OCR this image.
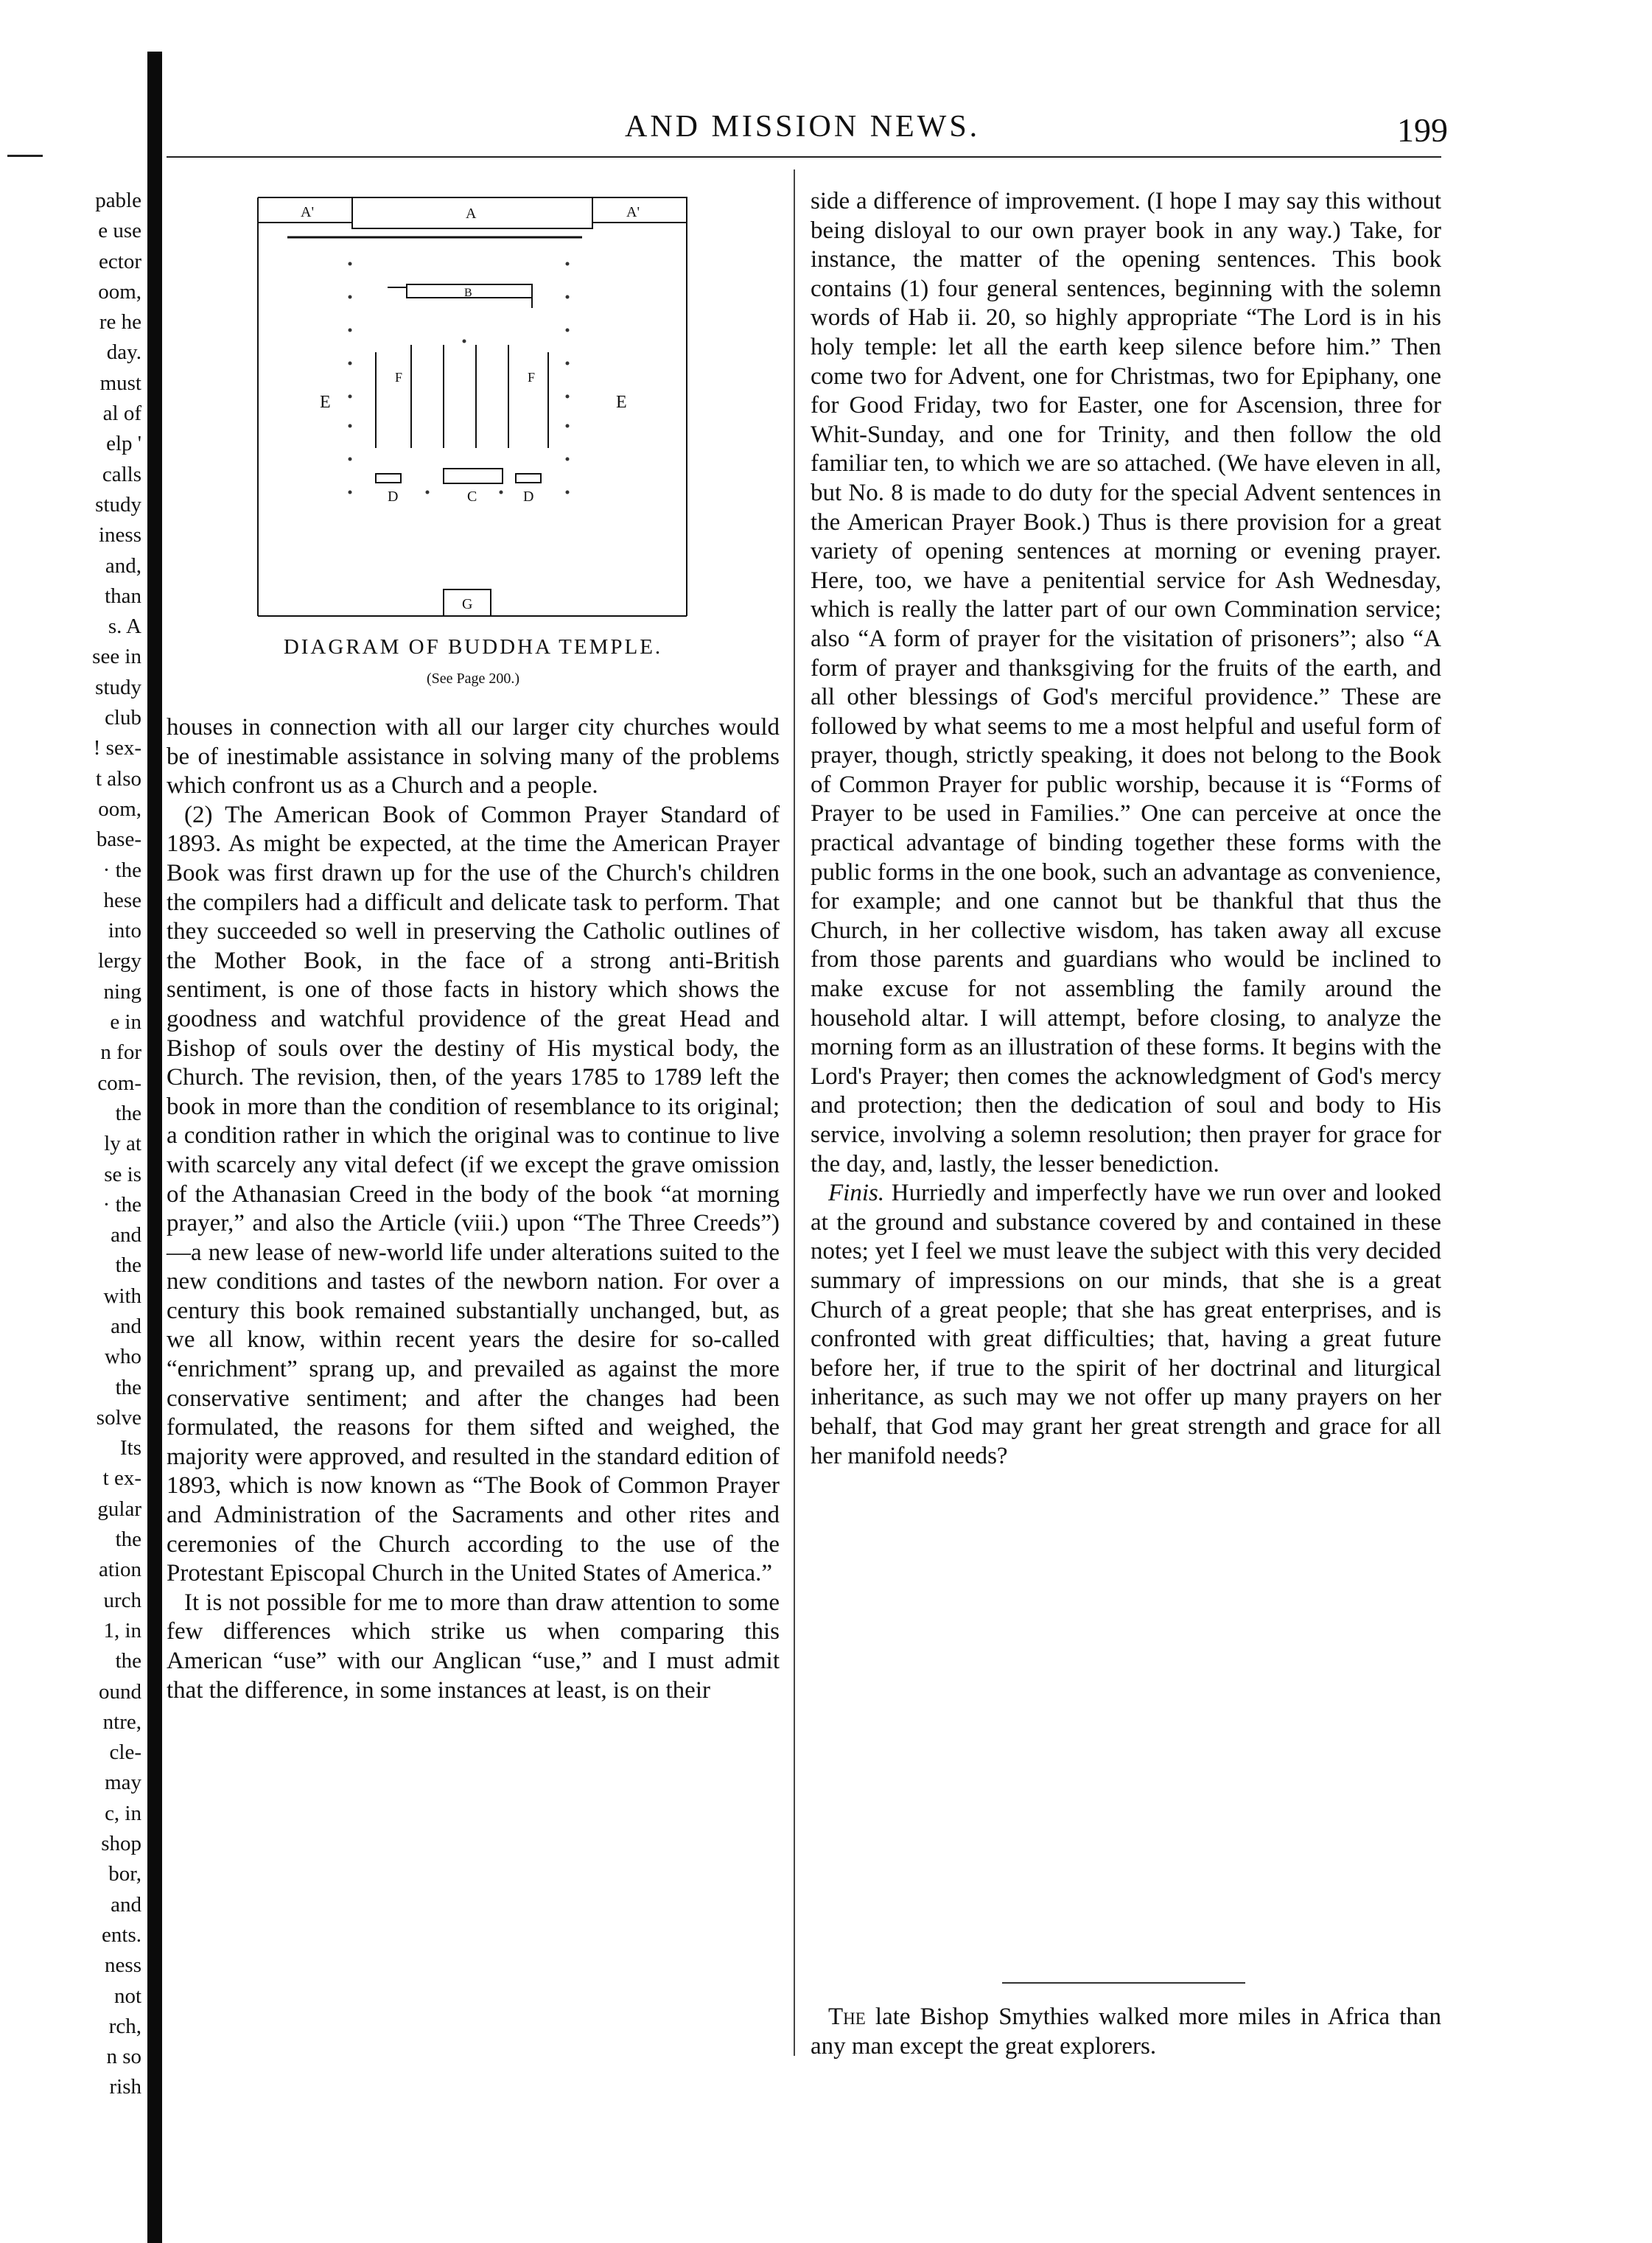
pable
e use
ector
oom,
re he
day.
must
al of
elp '
calls
study
iness
and,
than
s. A
see in
study
club
! sex-
t also
oom,
base-
· the
hese
into
lergy
ning
e in
n for
com-
the
ly at
se is
· the
and
the
with
and
who
the
solve
Its
t ex-
gular
the
ation
urch
1, in
the
ound
ntre,
cle-
may
c, in
shop
bor,
and
ents.
ness
not
rch,
n so
rish
AND MISSION NEWS.	199
A'	A	A'
B
E	E
F	F
D	C	D
G
DIAGRAM OF BUDDHA TEMPLE.
(See Page 200.)

houses in connection with all our larger city churches would be of inestimable assistance in solving many of the problems which confront us as a Church and a people.

(2) The American Book of Common Prayer Standard of 1893. As might be expected, at the time the American Prayer Book was first drawn up for the use of the Church's children the compilers had a difficult and delicate task to perform. That they succeeded so well in preserving the Catholic outlines of the Mother Book, in the face of a strong anti-British sentiment, is one of those facts in history which shows the goodness and watchful providence of the great Head and Bishop of souls over the destiny of His mystical body, the Church. The revision, then, of the years 1785 to 1789 left the book in more than the condition of resemblance to its original; a condition rather in which the original was to continue to live with scarcely any vital defect (if we except the grave omission of the Athanasian Creed in the body of the book “at morning prayer,” and also the Article (viii.) upon “The Three Creeds”)—a new lease of new-world life under alterations suited to the new conditions and tastes of the newborn nation. For over a century this book remained substantially unchanged, but, as we all know, within recent years the desire for so-called “enrichment” sprang up, and prevailed as against the more conservative sentiment; and after the changes had been formulated, the reasons for them sifted and weighed, the majority were approved, and resulted in the standard edition of 1893, which is now known as “The Book of Common Prayer and Administration of the Sacraments and other rites and ceremonies of the Church according to the use of the Protestant Episcopal Church in the United States of America.”

It is not possible for me to more than draw attention to some few differences which strike us when comparing this American “use” with our Anglican “use,” and I must admit that the difference, in some instances at least, is on their

side a difference of improvement. (I hope I may say this without being disloyal to our own prayer book in any way.) Take, for instance, the matter of the opening sentences. This book contains (1) four general sentences, beginning with the solemn words of Hab ii. 20, so highly appropriate “The Lord is in his holy temple: let all the earth keep silence before him.” Then come two for Advent, one for Christmas, two for Epiphany, one for Good Friday, two for Easter, one for Ascension, three for Whit-Sunday, and one for Trinity, and then follow the old familiar ten, to which we are so attached. (We have eleven in all, but No. 8 is made to do duty for the special Advent sentences in the American Prayer Book.) Thus is there provision for a great variety of opening sentences at morning or evening prayer. Here, too, we have a penitential service for Ash Wednesday, which is really the latter part of our own Commination service; also “A form of prayer for the visitation of prisoners”; also “A form of prayer and thanksgiving for the fruits of the earth, and all other blessings of God's merciful providence.” These are followed by what seems to me a most helpful and useful form of prayer, though, strictly speaking, it does not belong to the Book of Common Prayer for public worship, because it is “Forms of Prayer to be used in Families.” One can perceive at once the practical advantage of binding together these forms with the public forms in the one book, such an advantage as convenience, for example; and one cannot but be thankful that thus the Church, in her collective wisdom, has taken away all excuse from those parents and guardians who would be inclined to make excuse for not assembling the family around the household altar. I will attempt, before closing, to analyze the morning form as an illustration of these forms. It begins with the Lord's Prayer; then comes the acknowledgment of God's mercy and protection; then the dedication of soul and body to His service, involving a solemn resolution; then prayer for grace for the day, and, lastly, the lesser benediction.

Finis. Hurriedly and imperfectly have we run over and looked at the ground and substance covered by and contained in these notes; yet I feel we must leave the subject with this very decided summary of impressions on our minds, that she is a great Church of a great people; that she has great enterprises, and is confronted with great difficulties; that, having a great future before her, if true to the spirit of her doctrinal and liturgical inheritance, as such may we not offer up many prayers on her behalf, that God may grant her great strength and grace for all her manifold needs?

The late Bishop Smythies walked more miles in Africa than any man except the great explorers.
